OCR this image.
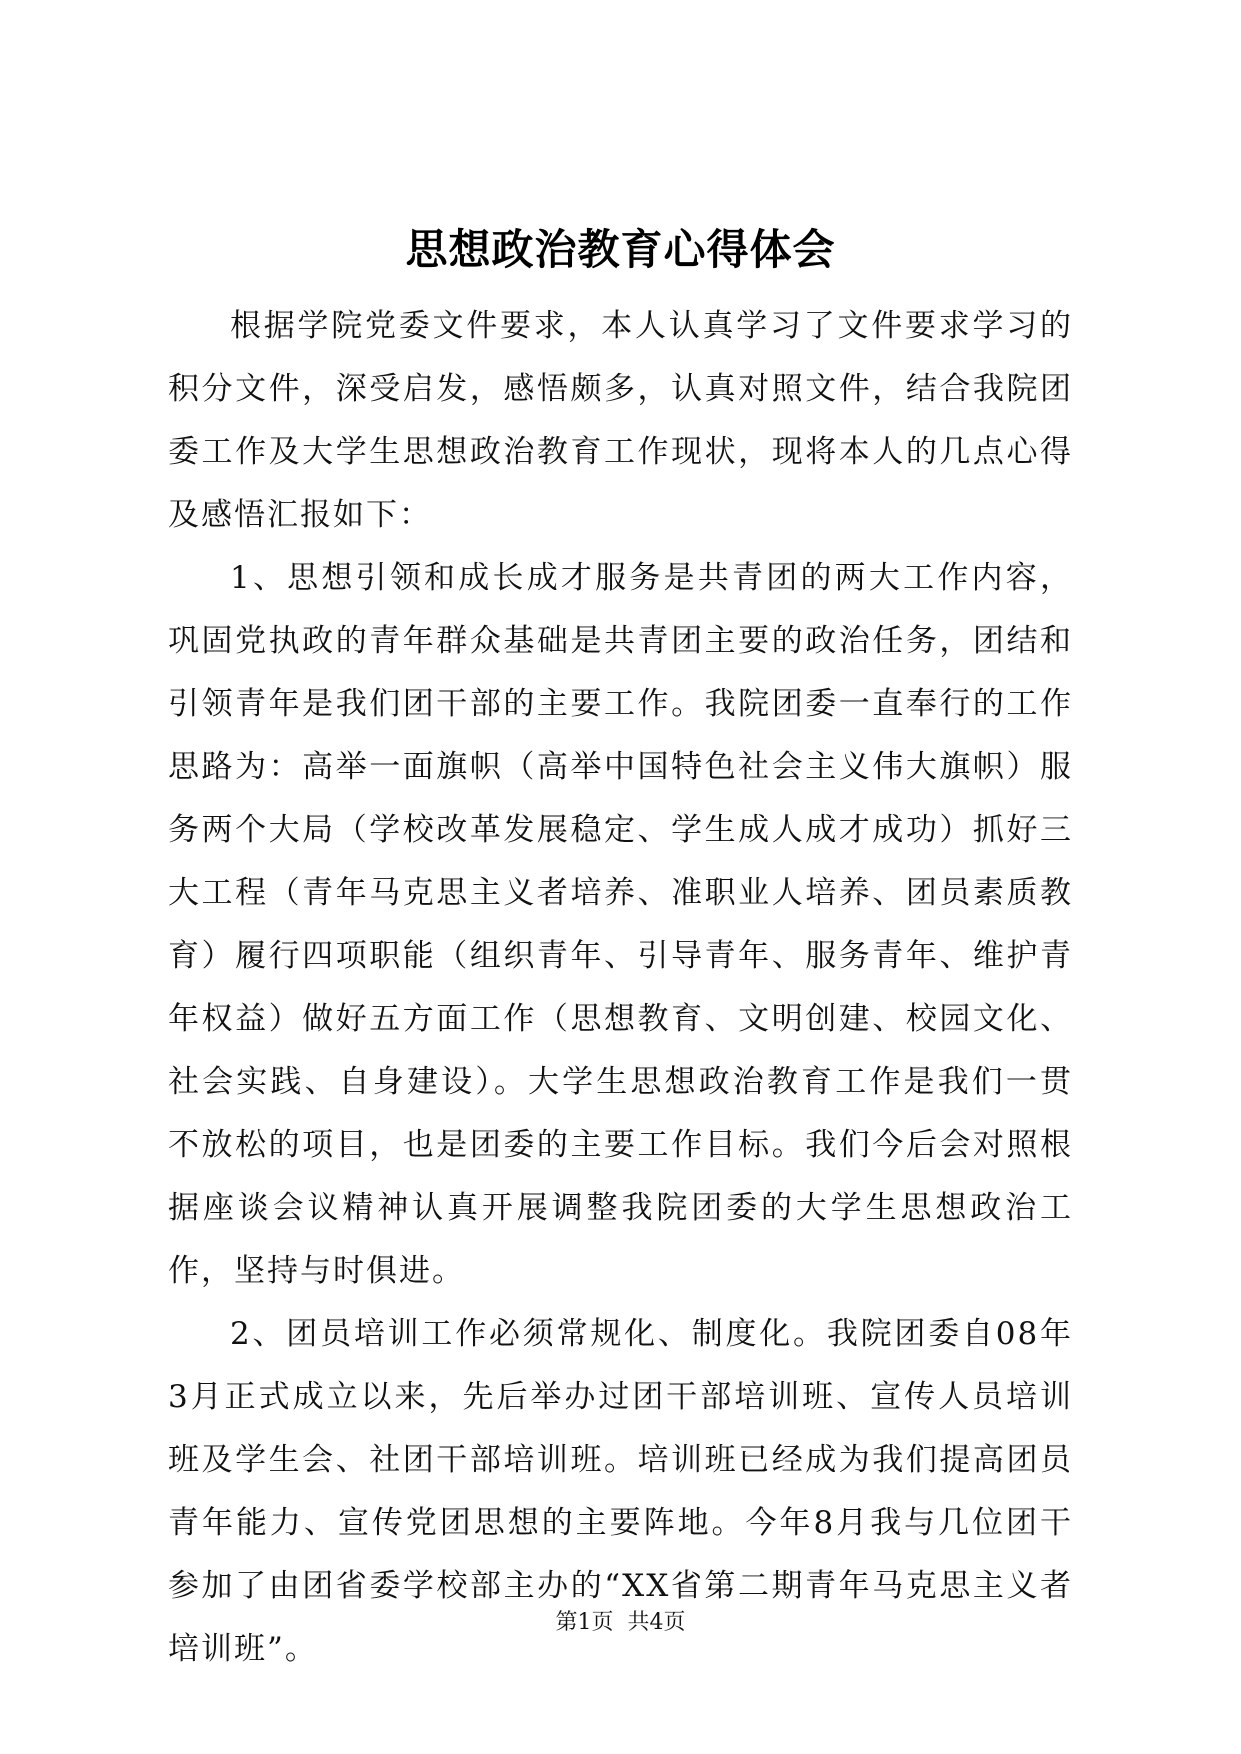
思想政治教育心得体会

根据学院党委文件要求，本人认真学习了文件要求学习的积分文件，深受启发，感悟颇多，认真对照文件，结合我院团委工作及大学生思想政治教育工作现状，现将本人的几点心得及感悟汇报如下：

1、思想引领和成长成才服务是共青团的两大工作内容，巩固党执政的青年群众基础是共青团主要的政治任务，团结和引领青年是我们团干部的主要工作。我院团委一直奉行的工作思路为：高举一面旗帜（高举中国特色社会主义伟大旗帜）服务两个大局（学校改革发展稳定、学生成人成才成功）抓好三大工程（青年马克思主义者培养、准职业人培养、团员素质教育）履行四项职能（组织青年、引导青年、服务青年、维护青年权益）做好五方面工作（思想教育、文明创建、校园文化、社会实践、自身建设）。大学生思想政治教育工作是我们一贯不放松的项目，也是团委的主要工作目标。我们今后会对照根据座谈会议精神认真开展调整我院团委的大学生思想政治工作，坚持与时俱进。

2、团员培训工作必须常规化、制度化。我院团委自08年3月正式成立以来，先后举办过团干部培训班、宣传人员培训班及学生会、社团干部培训班。培训班已经成为我们提高团员青年能力、宣传党团思想的主要阵地。今年8月我与几位团干参加了由团省委学校部主办的“XX省第二期青年马克思主义者培训班”。

第1页 共4页
